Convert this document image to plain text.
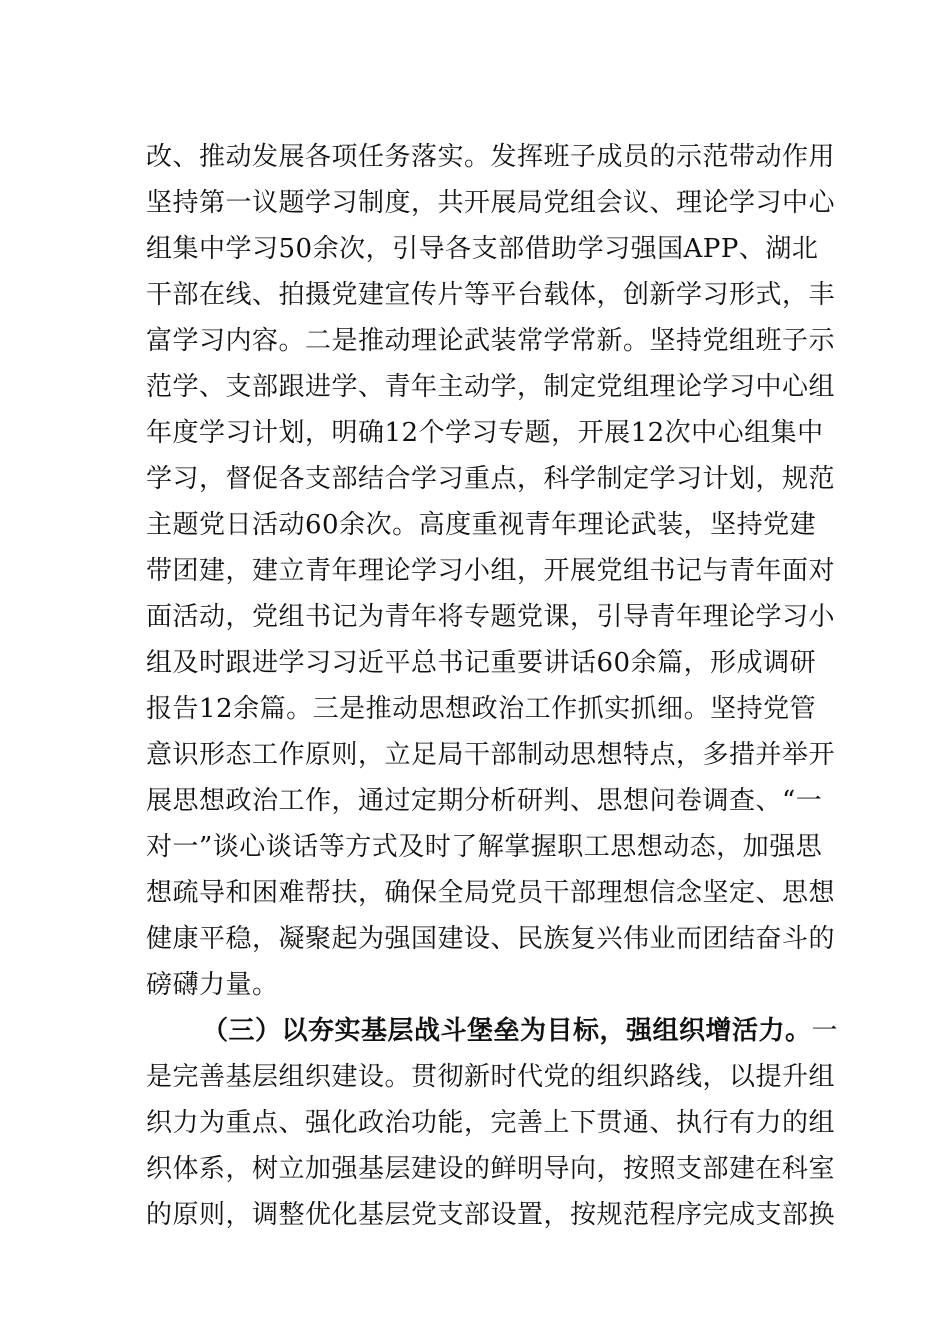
改、推动发展各项任务落实。发挥班子成员的示范带动作用
坚持第一议题学习制度，共开展局党组会议、理论学习中心
组集中学习50余次，引导各支部借助学习强国APP、湖北
干部在线、拍摄党建宣传片等平台载体，创新学习形式，丰
富学习内容。二是推动理论武装常学常新。坚持党组班子示
范学、支部跟进学、青年主动学，制定党组理论学习中心组
年度学习计划，明确12个学习专题，开展12次中心组集中
学习，督促各支部结合学习重点，科学制定学习计划，规范
主题党日活动60余次。高度重视青年理论武装，坚持党建
带团建，建立青年理论学习小组，开展党组书记与青年面对
面活动，党组书记为青年将专题党课，引导青年理论学习小
组及时跟进学习习近平总书记重要讲话60余篇，形成调研
报告12余篇。三是推动思想政治工作抓实抓细。坚持党管
意识形态工作原则，立足局干部制动思想特点，多措并举开
展思想政治工作，通过定期分析研判、思想问卷调查、“一
对一”谈心谈话等方式及时了解掌握职工思想动态，加强思
想疏导和困难帮扶，确保全局党员干部理想信念坚定、思想
健康平稳，凝聚起为强国建设、民族复兴伟业而团结奋斗的
磅礴力量。
（三）以夯实基层战斗堡垒为目标，强组织增活力。 一
是完善基层组织建设。贯彻新时代党的组织路线，以提升组
织力为重点、强化政治功能，完善上下贯通、执行有力的组
织体系，树立加强基层建设的鲜明导向，按照支部建在科室
的原则，调整优化基层党支部设置，按规范程序完成支部换
